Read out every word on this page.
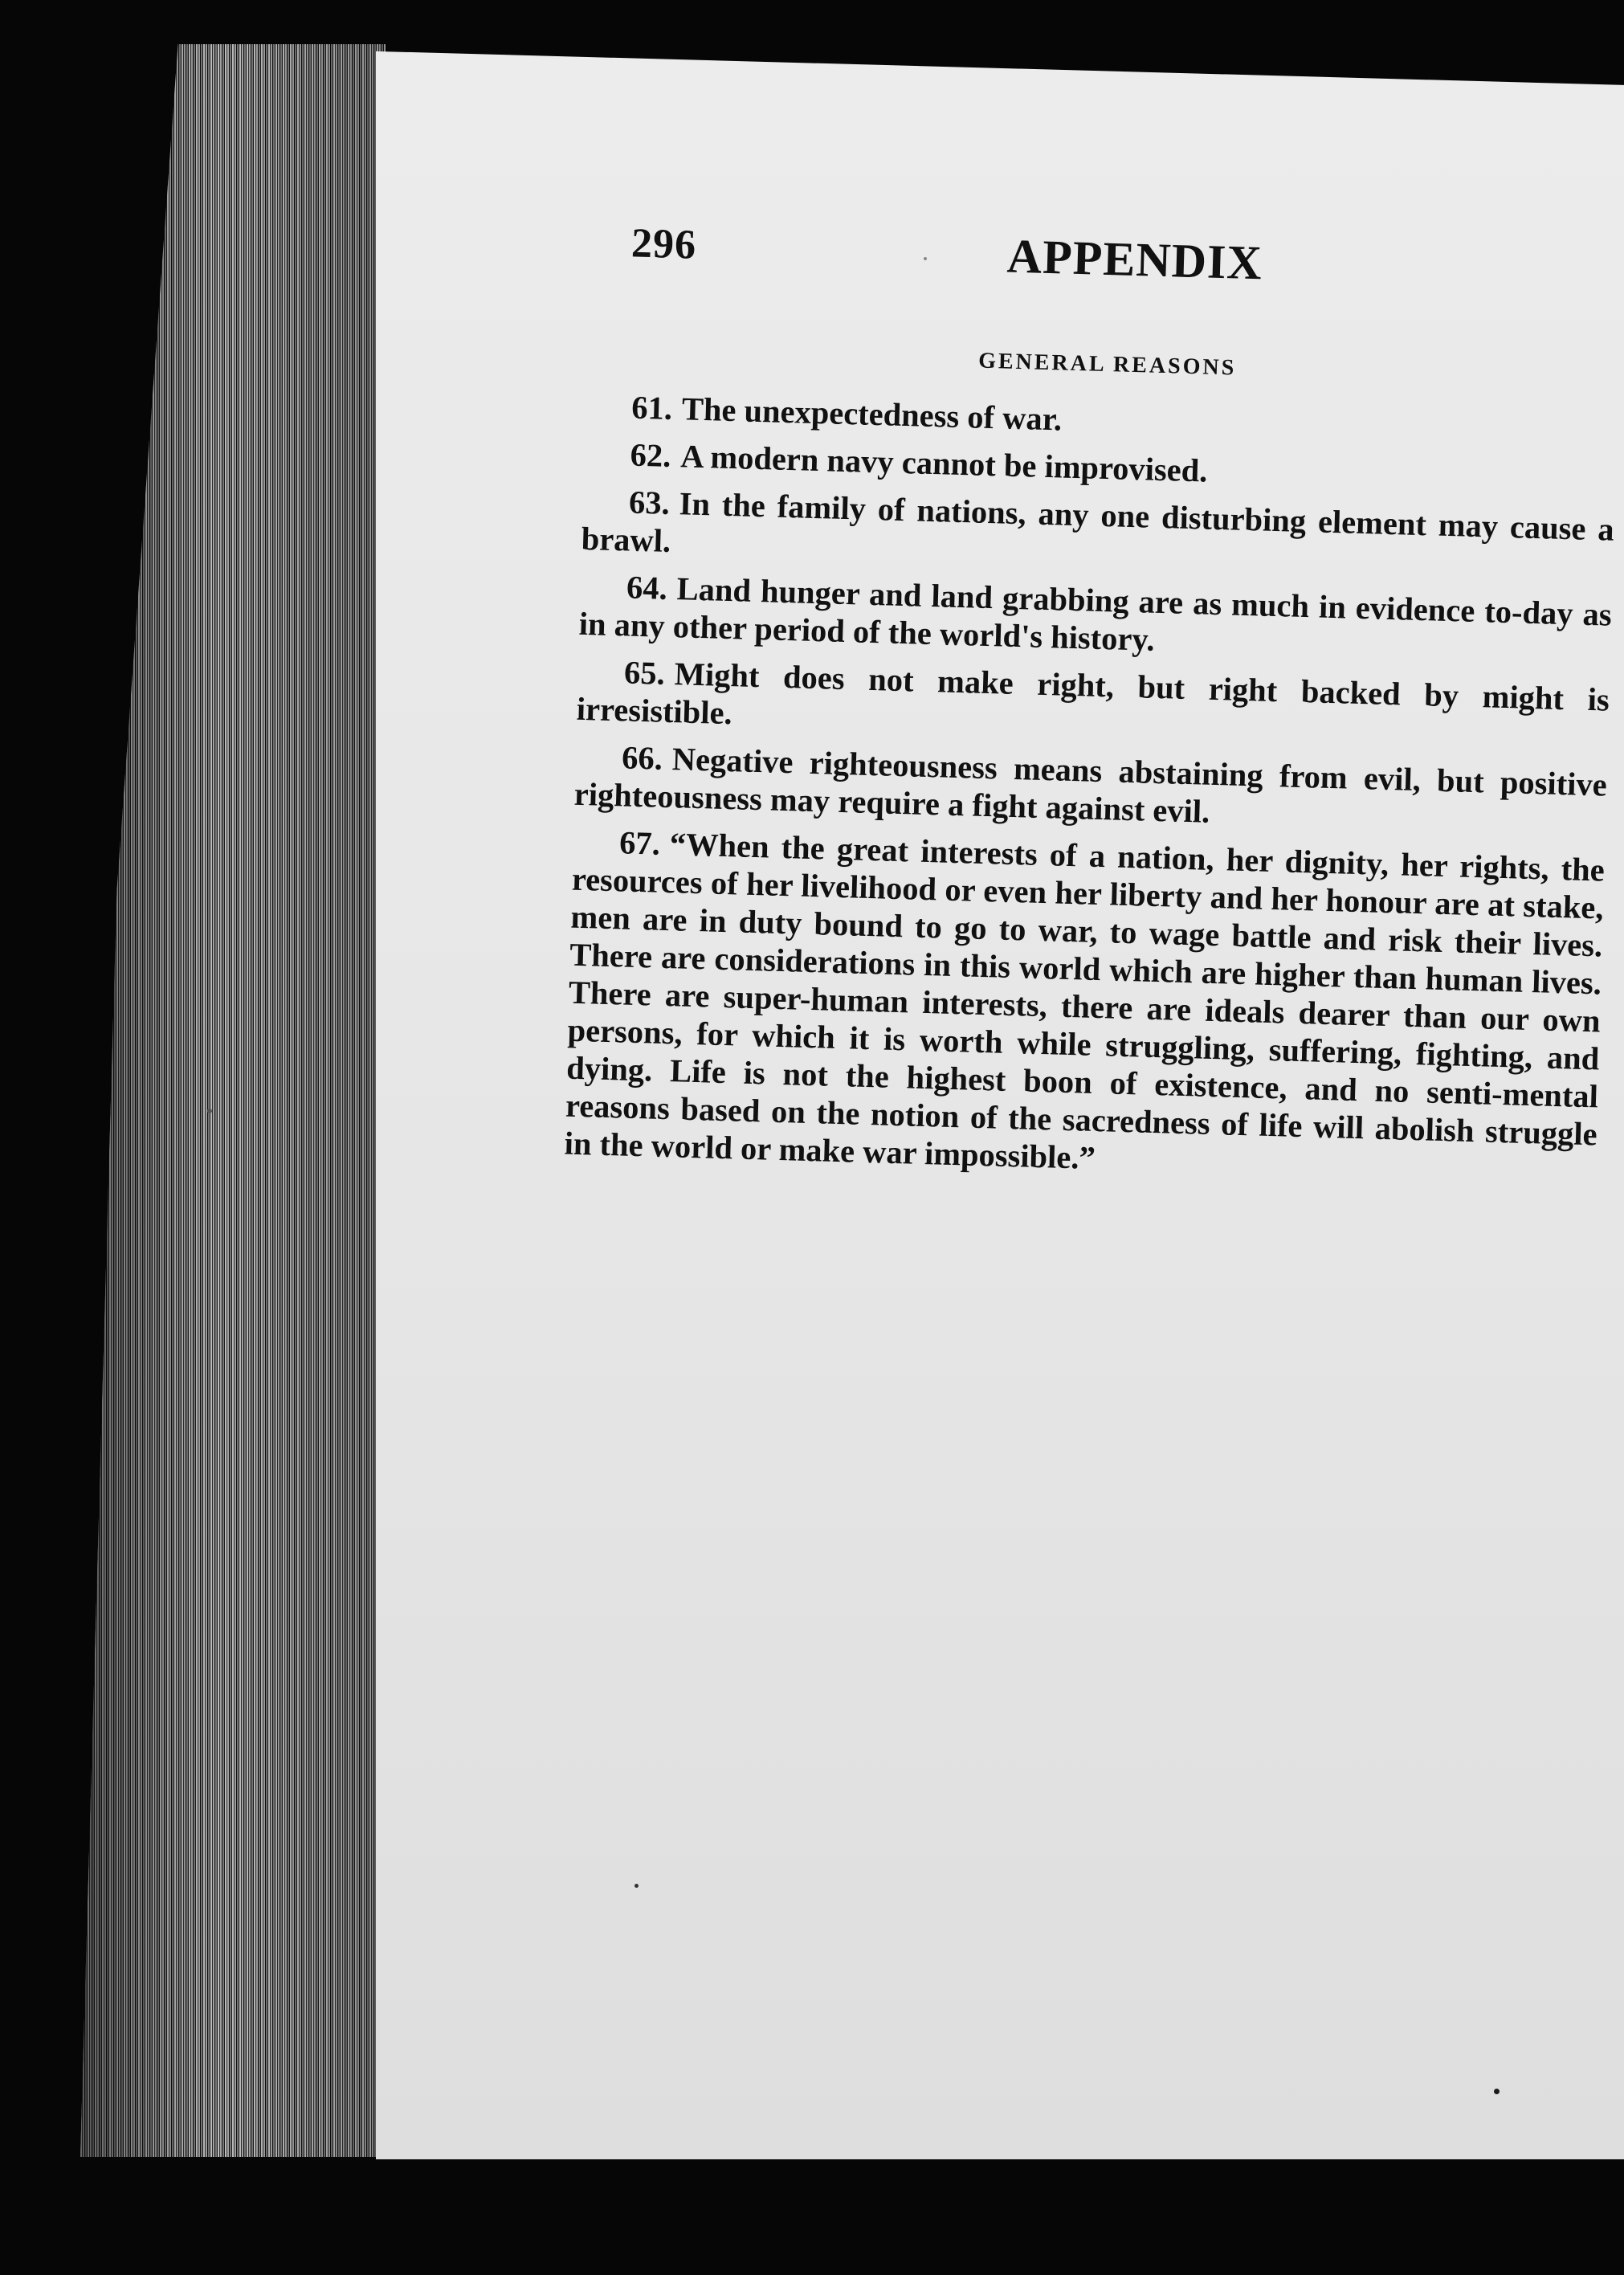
296	APPENDIX
GENERAL REASONS

61. The unexpectedness of war.

62. A modern navy cannot be improvised.

63. In the family of nations, any one disturbing element may cause a brawl.

64. Land hunger and land grabbing are as much in evidence to-day as in any other period of the world's history.

65. Might does not make right, but right backed by might is irresistible.

66. Negative righteousness means abstaining from evil, but positive righteousness may require a fight against evil.

67. “When the great interests of a nation, her dignity, her rights, the resources of her livelihood or even her liberty and her honour are at stake, men are in duty bound to go to war, to wage battle and risk their lives. There are considerations in this world which are higher than human lives. There are super-human interests, there are ideals dearer than our own persons, for which it is worth while struggling, suffering, fighting, and dying. Life is not the highest boon of existence, and no senti-mental reasons based on the notion of the sacredness of life will abolish struggle in the world or make war impossible.”
